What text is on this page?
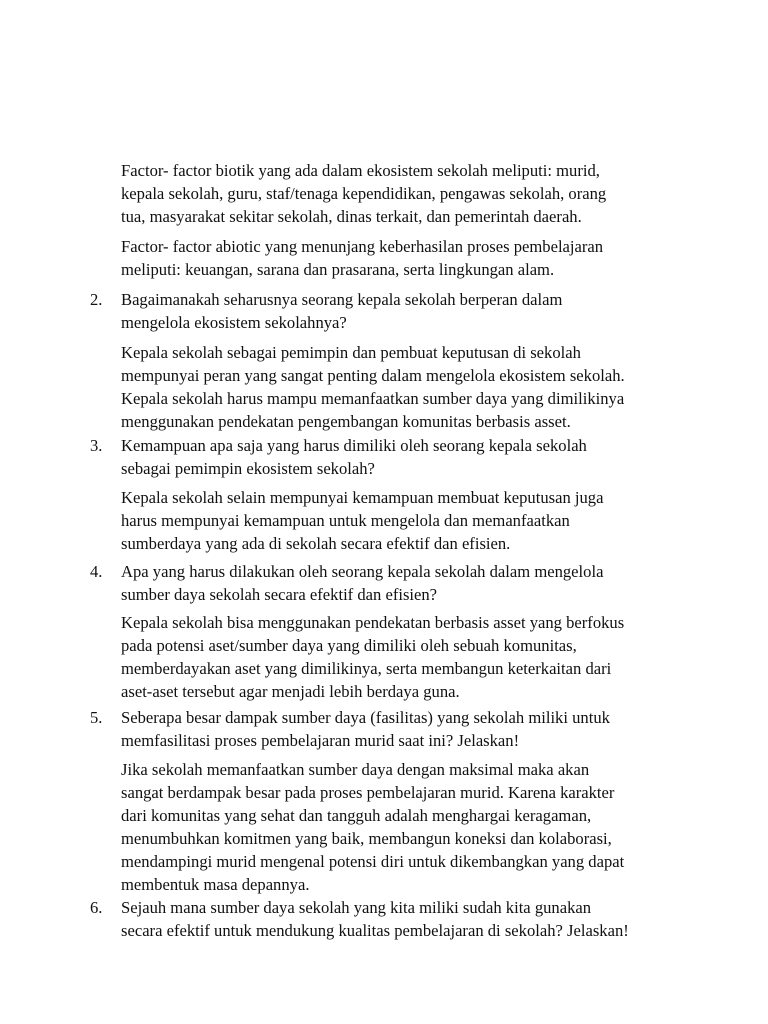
Factor- factor biotik yang ada dalam ekosistem sekolah meliputi: murid,
kepala sekolah, guru, staf/tenaga kependidikan, pengawas sekolah, orang
tua, masyarakat sekitar sekolah, dinas terkait, dan pemerintah daerah.

Factor- factor abiotic yang menunjang keberhasilan proses pembelajaran
meliputi: keuangan, sarana dan prasarana, serta lingkungan alam.

2. Bagaimanakah seharusnya seorang kepala sekolah berperan dalam
mengelola ekosistem sekolahnya?

Kepala sekolah sebagai pemimpin dan pembuat keputusan di sekolah
mempunyai peran yang sangat penting dalam mengelola ekosistem sekolah.
Kepala sekolah harus mampu memanfaatkan sumber daya yang dimilikinya
menggunakan pendekatan pengembangan komunitas berbasis asset.

3. Kemampuan apa saja yang harus dimiliki oleh seorang kepala sekolah
sebagai pemimpin ekosistem sekolah?

Kepala sekolah selain mempunyai kemampuan membuat keputusan juga
harus mempunyai kemampuan untuk mengelola dan memanfaatkan
sumberdaya yang ada di sekolah secara efektif dan efisien.

4. Apa yang harus dilakukan oleh seorang kepala sekolah dalam mengelola
sumber daya sekolah secara efektif dan efisien?

Kepala sekolah bisa menggunakan pendekatan berbasis asset yang berfokus
pada potensi aset/sumber daya yang dimiliki oleh sebuah komunitas,
memberdayakan aset yang dimilikinya, serta membangun keterkaitan dari
aset-aset tersebut agar menjadi lebih berdaya guna.

5. Seberapa besar dampak sumber daya (fasilitas) yang sekolah miliki untuk
memfasilitasi proses pembelajaran murid saat ini? Jelaskan!

Jika sekolah memanfaatkan sumber daya dengan maksimal maka akan
sangat berdampak besar pada proses pembelajaran murid. Karena karakter
dari komunitas yang sehat dan tangguh adalah menghargai keragaman,
menumbuhkan komitmen yang baik, membangun koneksi dan kolaborasi,
mendampingi murid mengenal potensi diri untuk dikembangkan yang dapat
membentuk masa depannya.

6. Sejauh mana sumber daya sekolah yang kita miliki sudah kita gunakan
secara efektif untuk mendukung kualitas pembelajaran di sekolah? Jelaskan!
